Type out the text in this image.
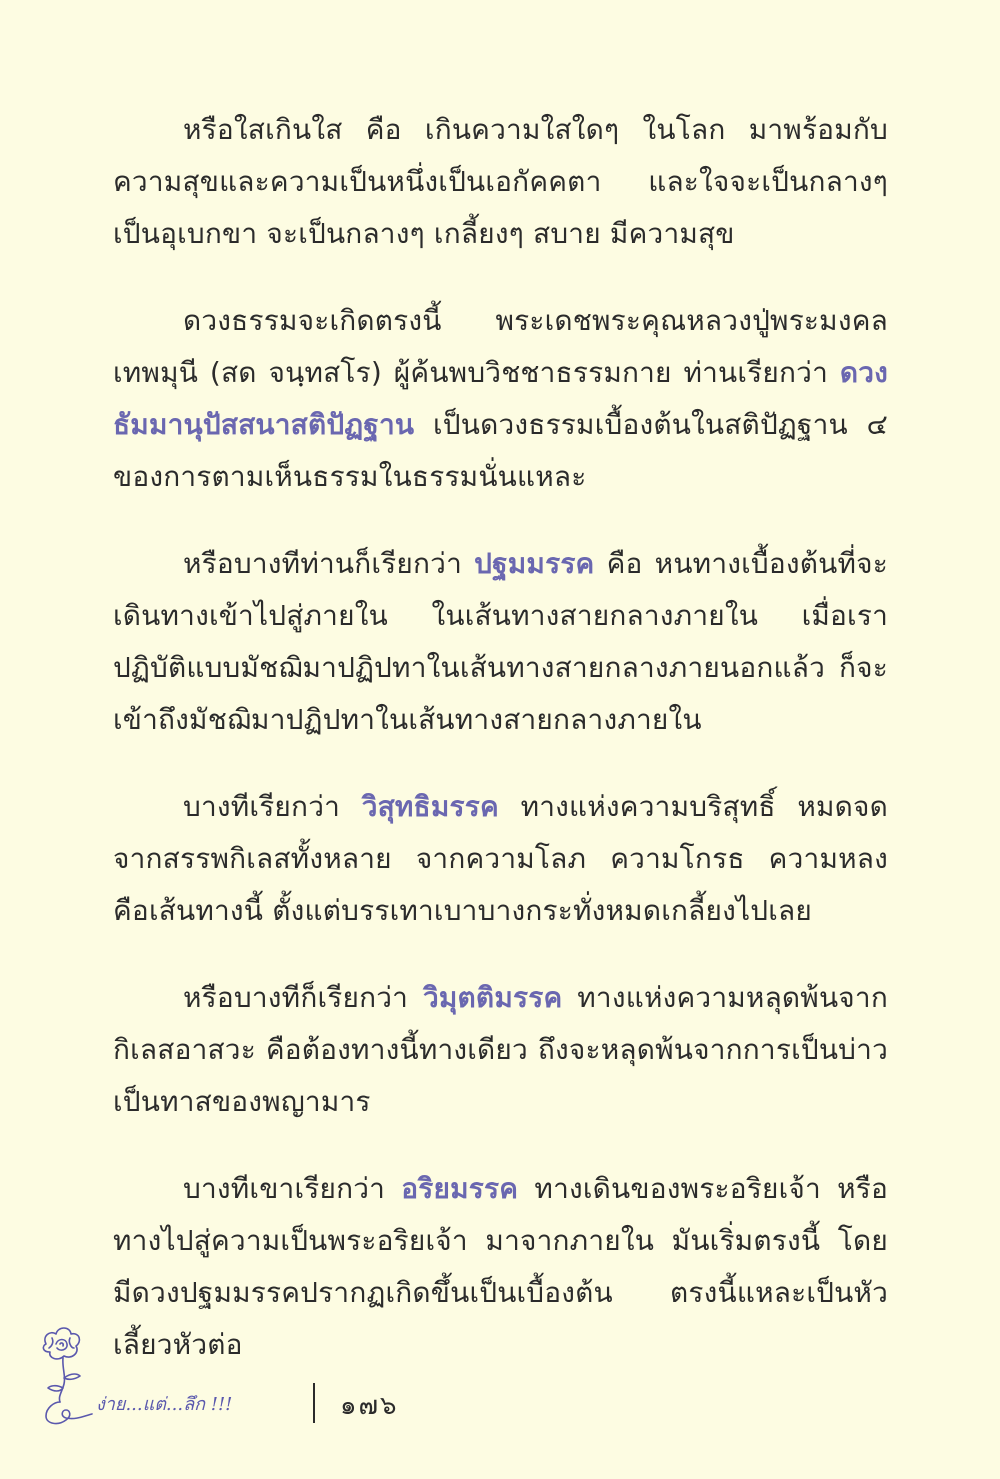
หรือใสเกินใส คือ เกินความใสใดๆ ในโลก มาพร้อมกับความสุขและความเป็นหนึ่งเป็นเอกัคคตา และใจจะเป็นกลางๆ เป็นอุเบกขา จะเป็นกลางๆ เกลี้ยงๆ สบาย มีความสุข

ดวงธรรมจะเกิดตรงนี้ พระเดชพระคุณหลวงปู่พระมงคลเทพมุนี (สด จนฺทสโร) ผู้ค้นพบวิชชาธรรมกาย ท่านเรียกว่า ดวงธัมมานุปัสสนาสติปัฏฐาน เป็นดวงธรรมเบื้องต้นในสติปัฏฐาน ๔ ของการตามเห็นธรรมในธรรมนั่นแหละ

หรือบางทีท่านก็เรียกว่า ปฐมมรรค คือ หนทางเบื้องต้นที่จะเดินทางเข้าไปสู่ภายใน ในเส้นทางสายกลางภายใน เมื่อเราปฏิบัติแบบมัชฌิมาปฏิปทาในเส้นทางสายกลางภายนอกแล้ว ก็จะเข้าถึงมัชฌิมาปฏิปทาในเส้นทางสายกลางภายใน

บางทีเรียกว่า วิสุทธิมรรค ทางแห่งความบริสุทธิ์ หมดจดจากสรรพกิเลสทั้งหลาย จากความโลภ ความโกรธ ความหลง คือเส้นทางนี้ ตั้งแต่บรรเทาเบาบางกระทั่งหมดเกลี้ยงไปเลย

หรือบางทีก็เรียกว่า วิมุตติมรรค ทางแห่งความหลุดพ้นจากกิเลสอาสวะ คือต้องทางนี้ทางเดียว ถึงจะหลุดพ้นจากการเป็นบ่าวเป็นทาสของพญามาร

บางทีเขาเรียกว่า อริยมรรค ทางเดินของพระอริยเจ้า หรือทางไปสู่ความเป็นพระอริยเจ้า มาจากภายใน มันเริ่มตรงนี้ โดยมีดวงปฐมมรรคปรากฏเกิดขึ้นเป็นเบื้องต้น ตรงนี้แหละเป็นหัวเลี้ยวหัวต่อ

ง่าย...แต่...ลึก !!!	๑๗๖
